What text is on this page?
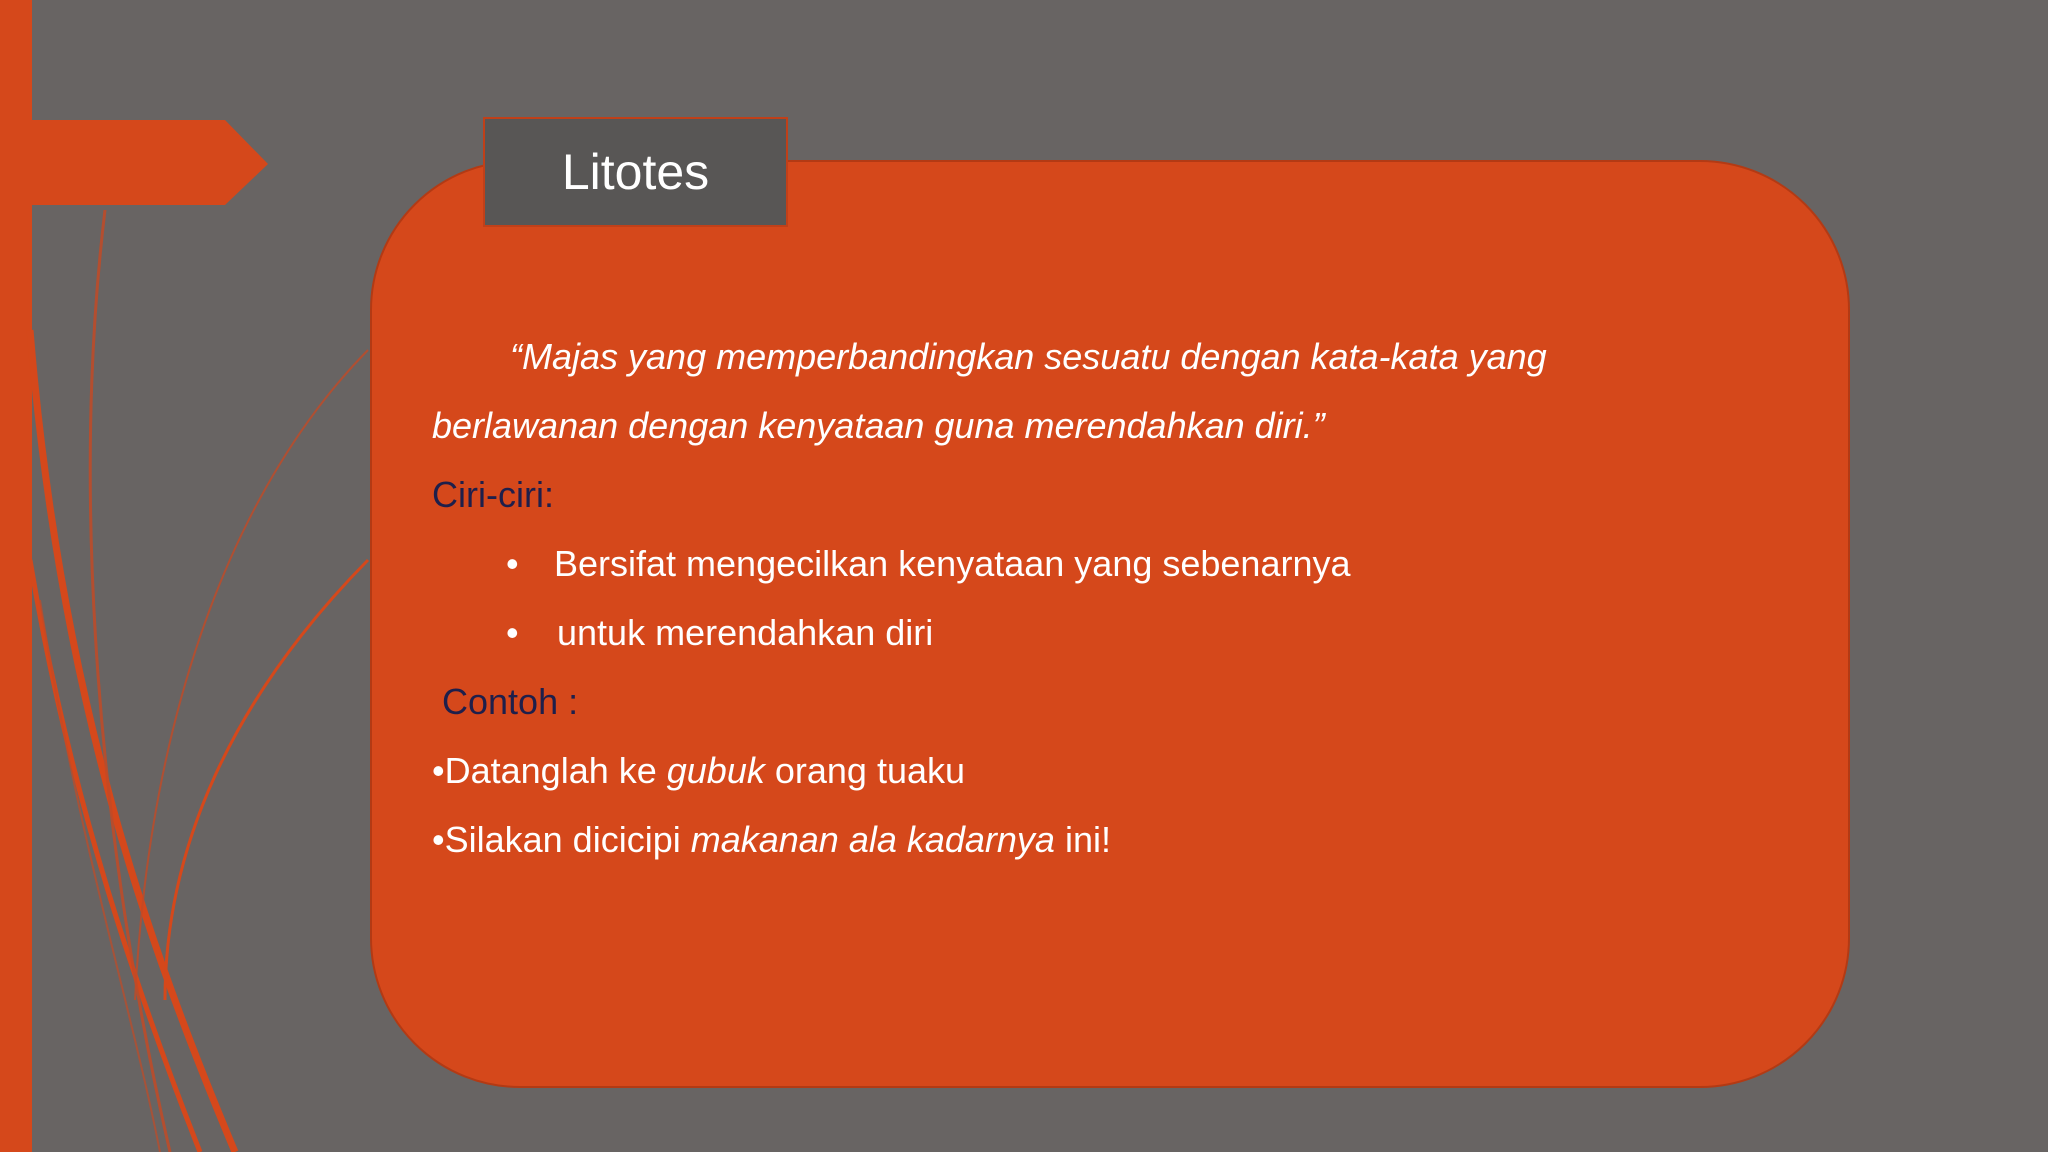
Litotes
“Majas yang memperbandingkan sesuatu dengan kata-kata yang
berlawanan dengan kenyataan guna merendahkan diri.”
Ciri-ciri:
• Bersifat mengecilkan kenyataan yang sebenarnya
•	untuk merendahkan diri
Contoh :
•Datanglah ke gubuk orang tuaku
•Silakan dicicipi makanan ala kadarnya ini!
